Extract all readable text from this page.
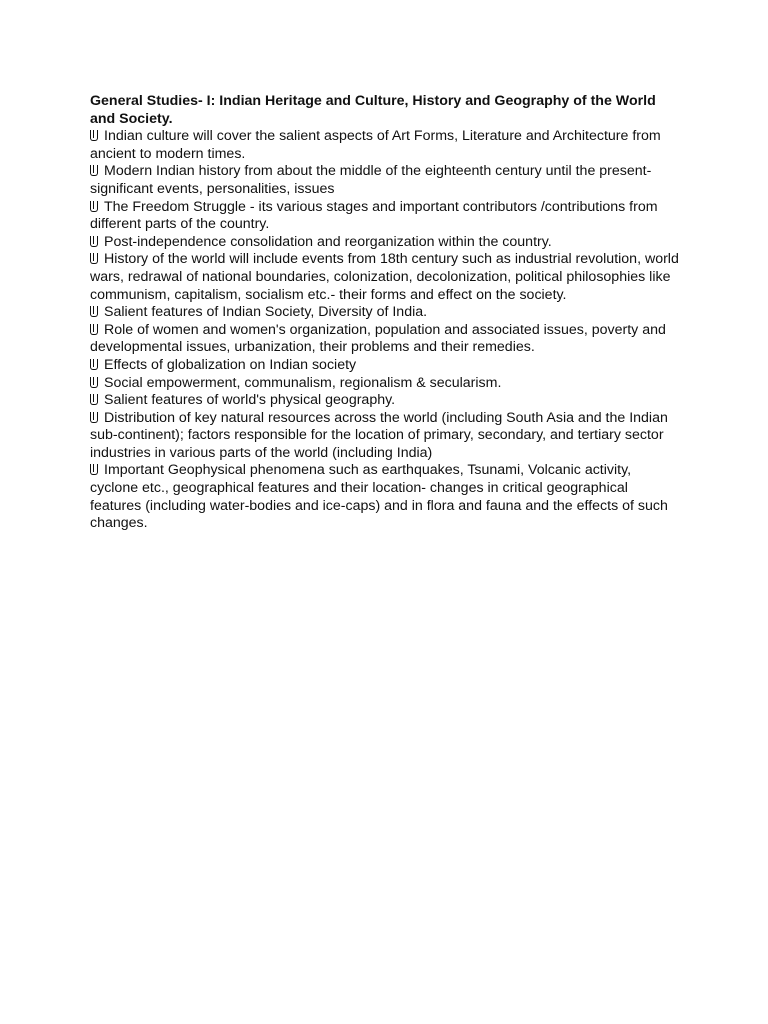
General Studies- I: Indian Heritage and Culture, History and Geography of the World and Society.

Indian culture will cover the salient aspects of Art Forms, Literature and Architecture from ancient to modern times.

Modern Indian history from about the middle of the eighteenth century until the present- significant events, personalities, issues

The Freedom Struggle - its various stages and important contributors /contributions from different parts of the country.

Post-independence consolidation and reorganization within the country.

History of the world will include events from 18th century such as industrial revolution, world wars, redrawal of national boundaries, colonization, decolonization, political philosophies like communism, capitalism, socialism etc.- their forms and effect on the society.

Salient features of Indian Society, Diversity of India.

Role of women and women's organization, population and associated issues, poverty and developmental issues, urbanization, their problems and their remedies.

Effects of globalization on Indian society

Social empowerment, communalism, regionalism & secularism.

Salient features of world's physical geography.

Distribution of key natural resources across the world (including South Asia and the Indian sub-continent); factors responsible for the location of primary, secondary, and tertiary sector industries in various parts of the world (including India)

Important Geophysical phenomena such as earthquakes, Tsunami, Volcanic activity, cyclone etc., geographical features and their location- changes in critical geographical features (including water-bodies and ice-caps) and in flora and fauna and the effects of such changes.
